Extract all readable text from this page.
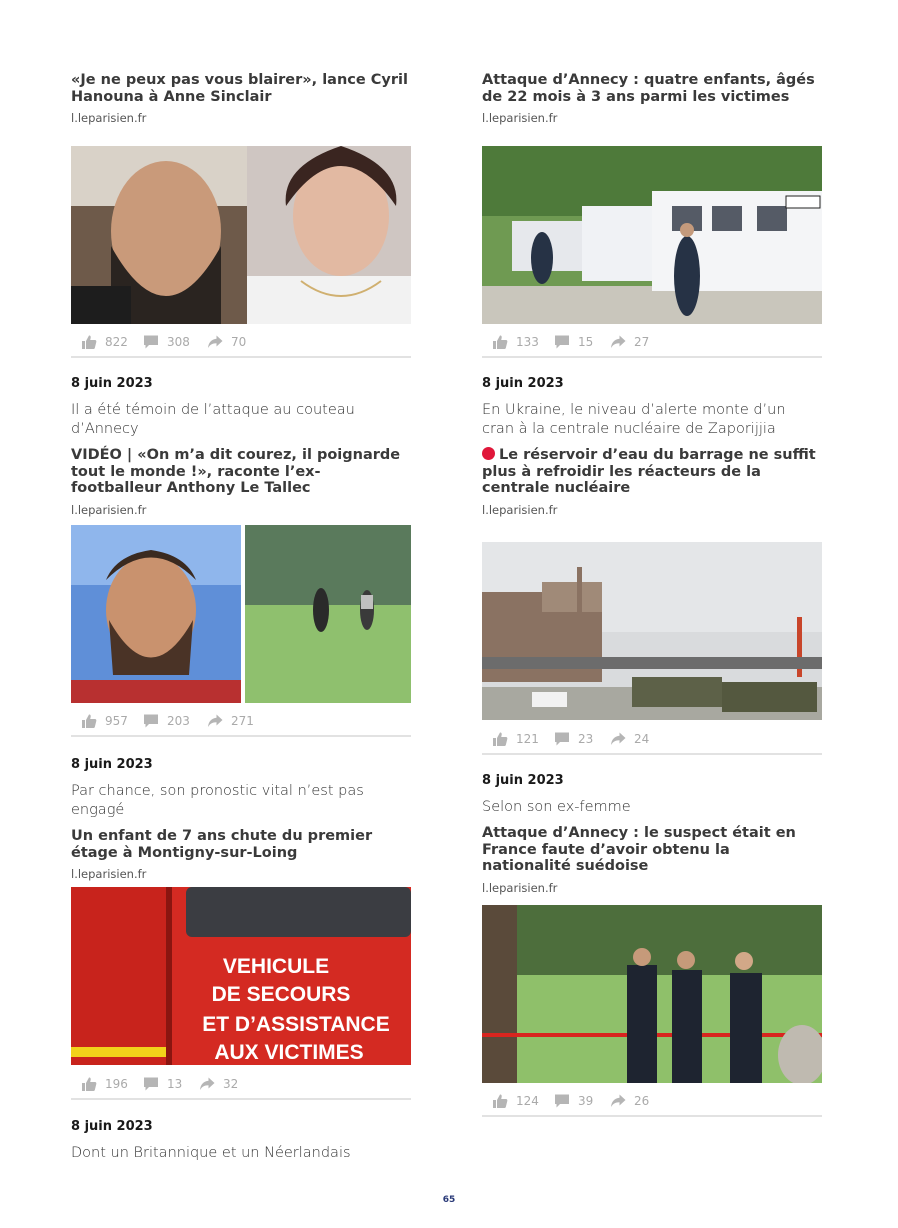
«Je ne peux pas vous blairer», lance Cyril Hanouna à Anne Sinclair

l.leparisien.fr
822	308	70
8 juin 2023
Il a été témoin de l’attaque au couteau d’Annecy

VIDÉO | «On m’a dit courez, il poignarde tout le monde !», raconte l’ex-footballeur Anthony Le Tallec

l.leparisien.fr
957	203	271
8 juin 2023
Par chance, son pronostic vital n’est pas engagé

Un enfant de 7 ans chute du premier étage à Montigny-sur-Loing

l.leparisien.fr
VEHICULE
DE SECOURS
ET D’ASSISTANCE
AUX VICTIMES
196	13	32
8 juin 2023
Dont un Britannique et un Néerlandais

Attaque d’Annecy : quatre enfants, âgés de 22 mois à 3 ans parmi les victimes

l.leparisien.fr
133	15	27
8 juin 2023
En Ukraine, le niveau d’alerte monte d’un cran à la centrale nucléaire de Zaporijjia

Le réservoir d’eau du barrage ne suffit plus à refroidir les réacteurs de la centrale nucléaire

l.leparisien.fr
121	23	24
8 juin 2023
Selon son ex-femme

Attaque d’Annecy : le suspect était en France faute d’avoir obtenu la nationalité suédoise

l.leparisien.fr
124	39	26
65
